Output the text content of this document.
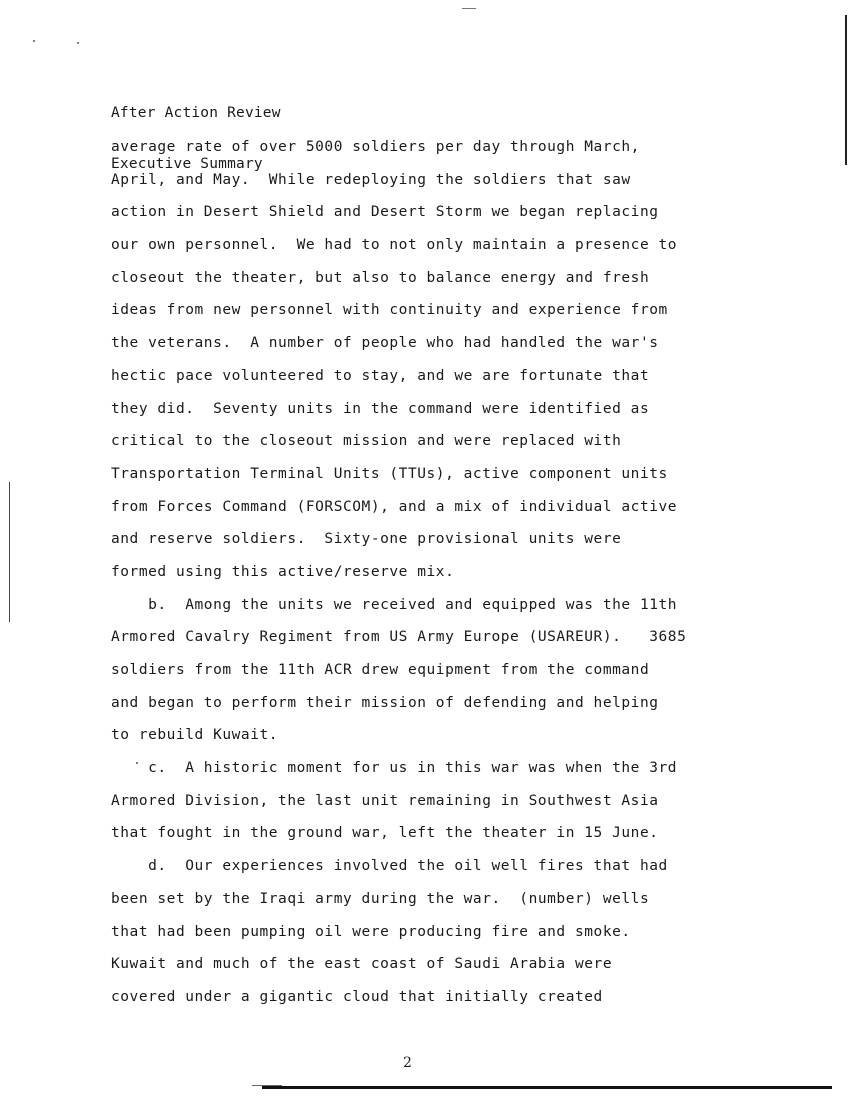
After Action Review

Executive Summary

average rate of over 5000 soldiers per day through March,
April, and May.  While redeploying the soldiers that saw
action in Desert Shield and Desert Storm we began replacing
our own personnel.  We had to not only maintain a presence to
closeout the theater, but also to balance energy and fresh
ideas from new personnel with continuity and experience from
the veterans.  A number of people who had handled the war's
hectic pace volunteered to stay, and we are fortunate that
they did.  Seventy units in the command were identified as
critical to the closeout mission and were replaced with
Transportation Terminal Units (TTUs), active component units
from Forces Command (FORSCOM), and a mix of individual active
and reserve soldiers.  Sixty-one provisional units were
formed using this active/reserve mix.
b.  Among the units we received and equipped was the 11th
Armored Cavalry Regiment from US Army Europe (USAREUR).   3685
soldiers from the 11th ACR drew equipment from the command
and began to perform their mission of defending and helping
to rebuild Kuwait.
c.  A historic moment for us in this war was when the 3rd
Armored Division, the last unit remaining in Southwest Asia
that fought in the ground war, left the theater in 15 June.
d.  Our experiences involved the oil well fires that had
been set by the Iraqi army during the war.  (number) wells
that had been pumping oil were producing fire and smoke.
Kuwait and much of the east coast of Saudi Arabia were
covered under a gigantic cloud that initially created
2
